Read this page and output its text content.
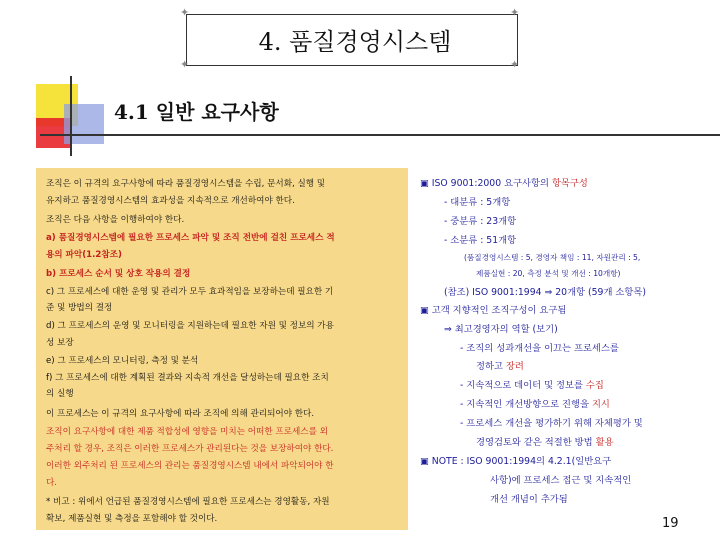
✦	✦
✦	✦
4. 품질경영시스템
4.1 일반 요구사항
조직은 이 규격의 요구사항에 따라 품질경영시스템을 수립, 문서화, 실행 및
유지하고 품질경영시스템의 효과성을 지속적으로 개선하여야 한다.
조직은 다음 사항을 이행하여야 한다.
a) 품질경영시스템에 필요한 프로세스 파악 및 조직 전반에 걸친 프로세스 적
용의 파악(1.2참조)
b) 프로세스 순서 및 상호 작용의 결정
c) 그 프로세스에 대한 운영 및 관리가 모두 효과적임을 보장하는데 필요한 기
준 및 방법의 결정
d) 그 프로세스의 운영 및 모니터링을 지원하는데 필요한 자원 및 정보의 가용
성 보장
e) 그 프로세스의 모니터링, 측정 및 분석
f) 그 프로세스에 대한 계획된 결과와 지속적 개선을 달성하는데 필요한 조치
의 실행
이 프로세스는 이 규격의 요구사항에 따라 조직에 의해 관리되어야 한다.
조직이 요구사항에 대한 제품 적합성에 영향을 미치는 어떠한 프로세스를 외
주처리 할 경우, 조직은 이러한 프로세스가 관리된다는 것을 보장하여야 한다.
이러한 외주처리 된 프로세스의 관리는 품질경영시스템 내에서 파악되어야 한
다.
* 비고 : 위에서 언급된 품질경영시스템에 필요한 프로세스는 경영활동, 자원
확보, 제품실현 및 측정을 포함해야 할 것이다.
▣ ISO 9001:2000 요구사항의 항목구성
- 대분류 : 5개항
- 중분류 : 23개항
- 소분류 : 51개항
(품질경영시스템 : 5, 경영자 책임 : 11, 자원관리 : 5,
제품실현 : 20, 측정 분석 및 개선 : 10개항)
(참조) ISO 9001:1994 ⇒ 20개항 (59개 소항목)
▣ 고객 지향적인 조직구성이 요구됨
⇒ 최고경영자의 역할 (보기)
- 조직의 성과개선을 이끄는 프로세스를
정하고 장려
- 지속적으로 데이터 및 정보를 수집
- 지속적인 개선방향으로 진행을 지시
- 프로세스 개선을 평가하기 위해 자체평가 및
경영검토와 같은 적절한 방법 활용
▣ NOTE : ISO 9001:1994의 4.2.1(일반요구
사항)에 프로세스 접근 및 지속적인
개선 개념이 추가됨
19
